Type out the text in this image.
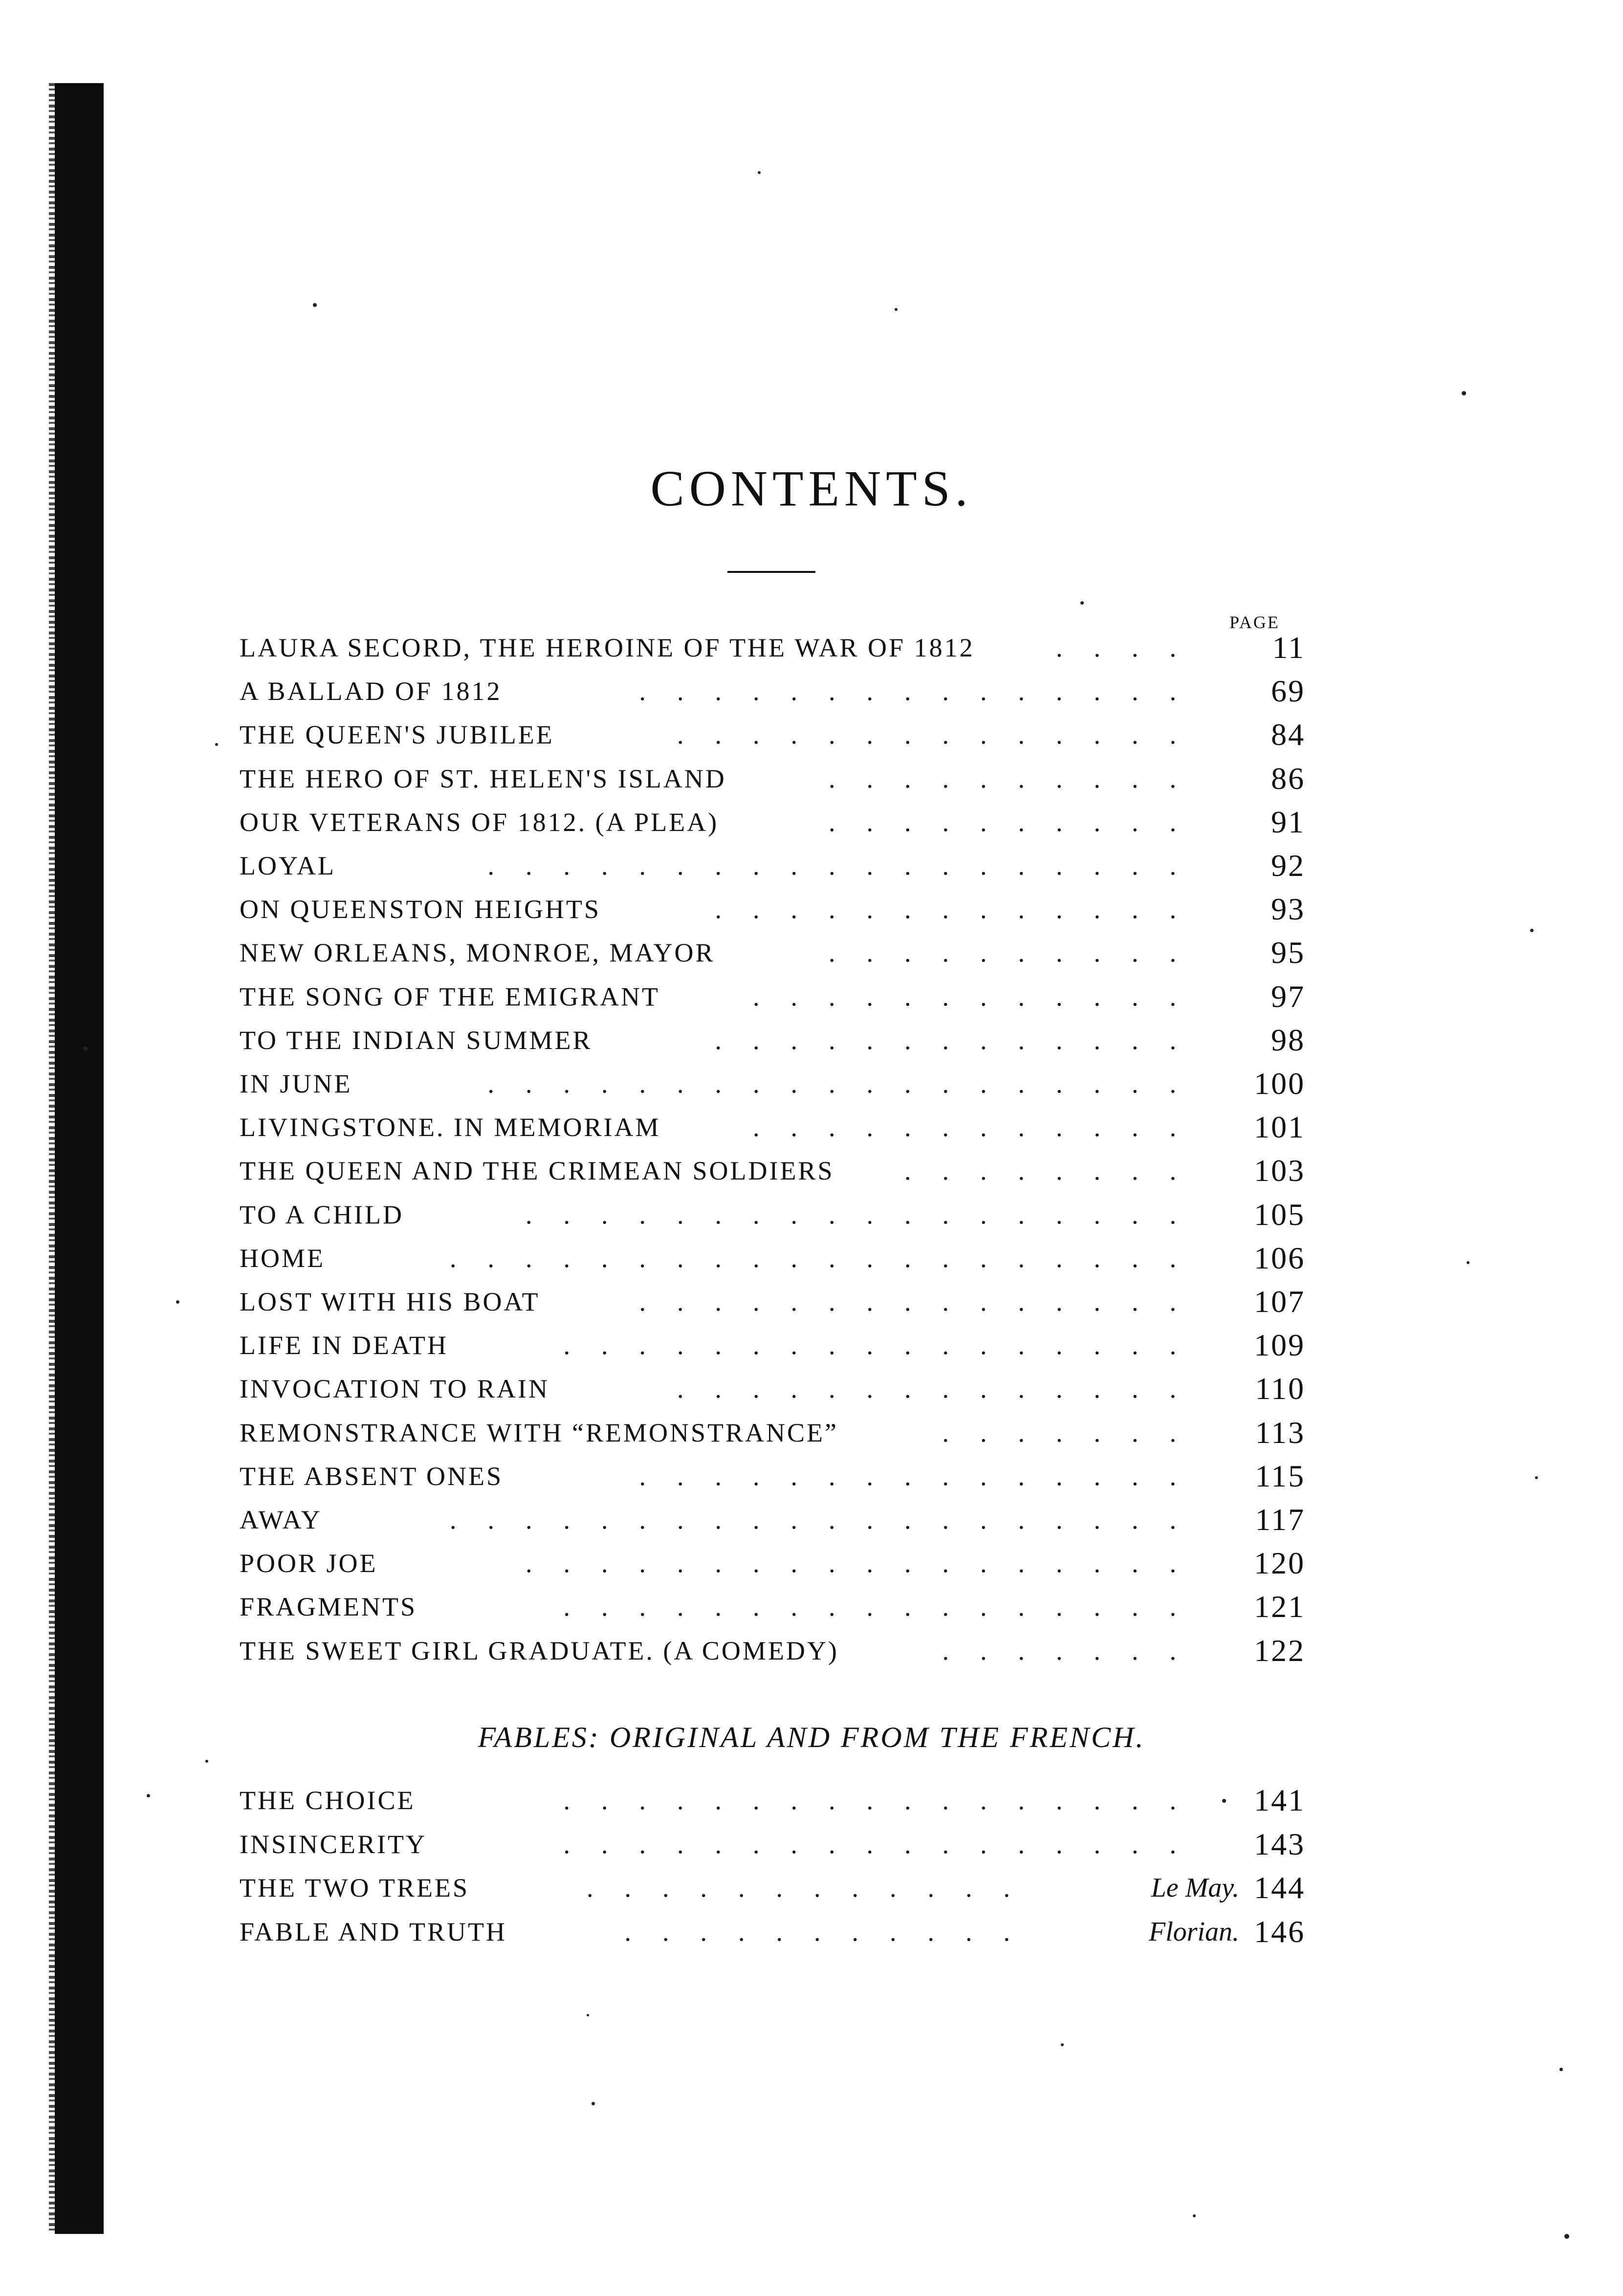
CONTENTS.
PAGE
LAURA SECORD, THE HEROINE OF THE WAR OF 1812	....	11
A BALLAD OF 1812	...............	69
THE QUEEN'S JUBILEE	..............	84
THE HERO OF ST. HELEN'S ISLAND	..........	86
OUR VETERANS OF 1812. (A PLEA)	..........	91
LOYAL	...................	92
ON QUEENSTON HEIGHTS	.............	93
NEW ORLEANS, MONROE, MAYOR	..........	95
THE SONG OF THE EMIGRANT	............	97
TO THE INDIAN SUMMER	.............	98
IN JUNE	...................	100
LIVINGSTONE. IN MEMORIAM	............	101
THE QUEEN AND THE CRIMEAN SOLDIERS	........	103
TO A CHILD	..................	105
HOME	....................	106
LOST WITH HIS BOAT	...............	107
LIFE IN DEATH	.................	109
INVOCATION TO RAIN	..............	110
REMONSTRANCE WITH “REMONSTRANCE”	.......	113
THE ABSENT ONES	...............	115
AWAY	....................	117
POOR JOE	..................	120
FRAGMENTS	.................	121
THE SWEET GIRL GRADUATE. (A COMEDY)	.......	122
FABLES: ORIGINAL AND FROM THE FRENCH.
THE CHOICE	.................	141
INSINCERITY	.................	143
THE TWO TREES	............	Le May. 144
FABLE AND TRUTH	...........	Florian. 146
